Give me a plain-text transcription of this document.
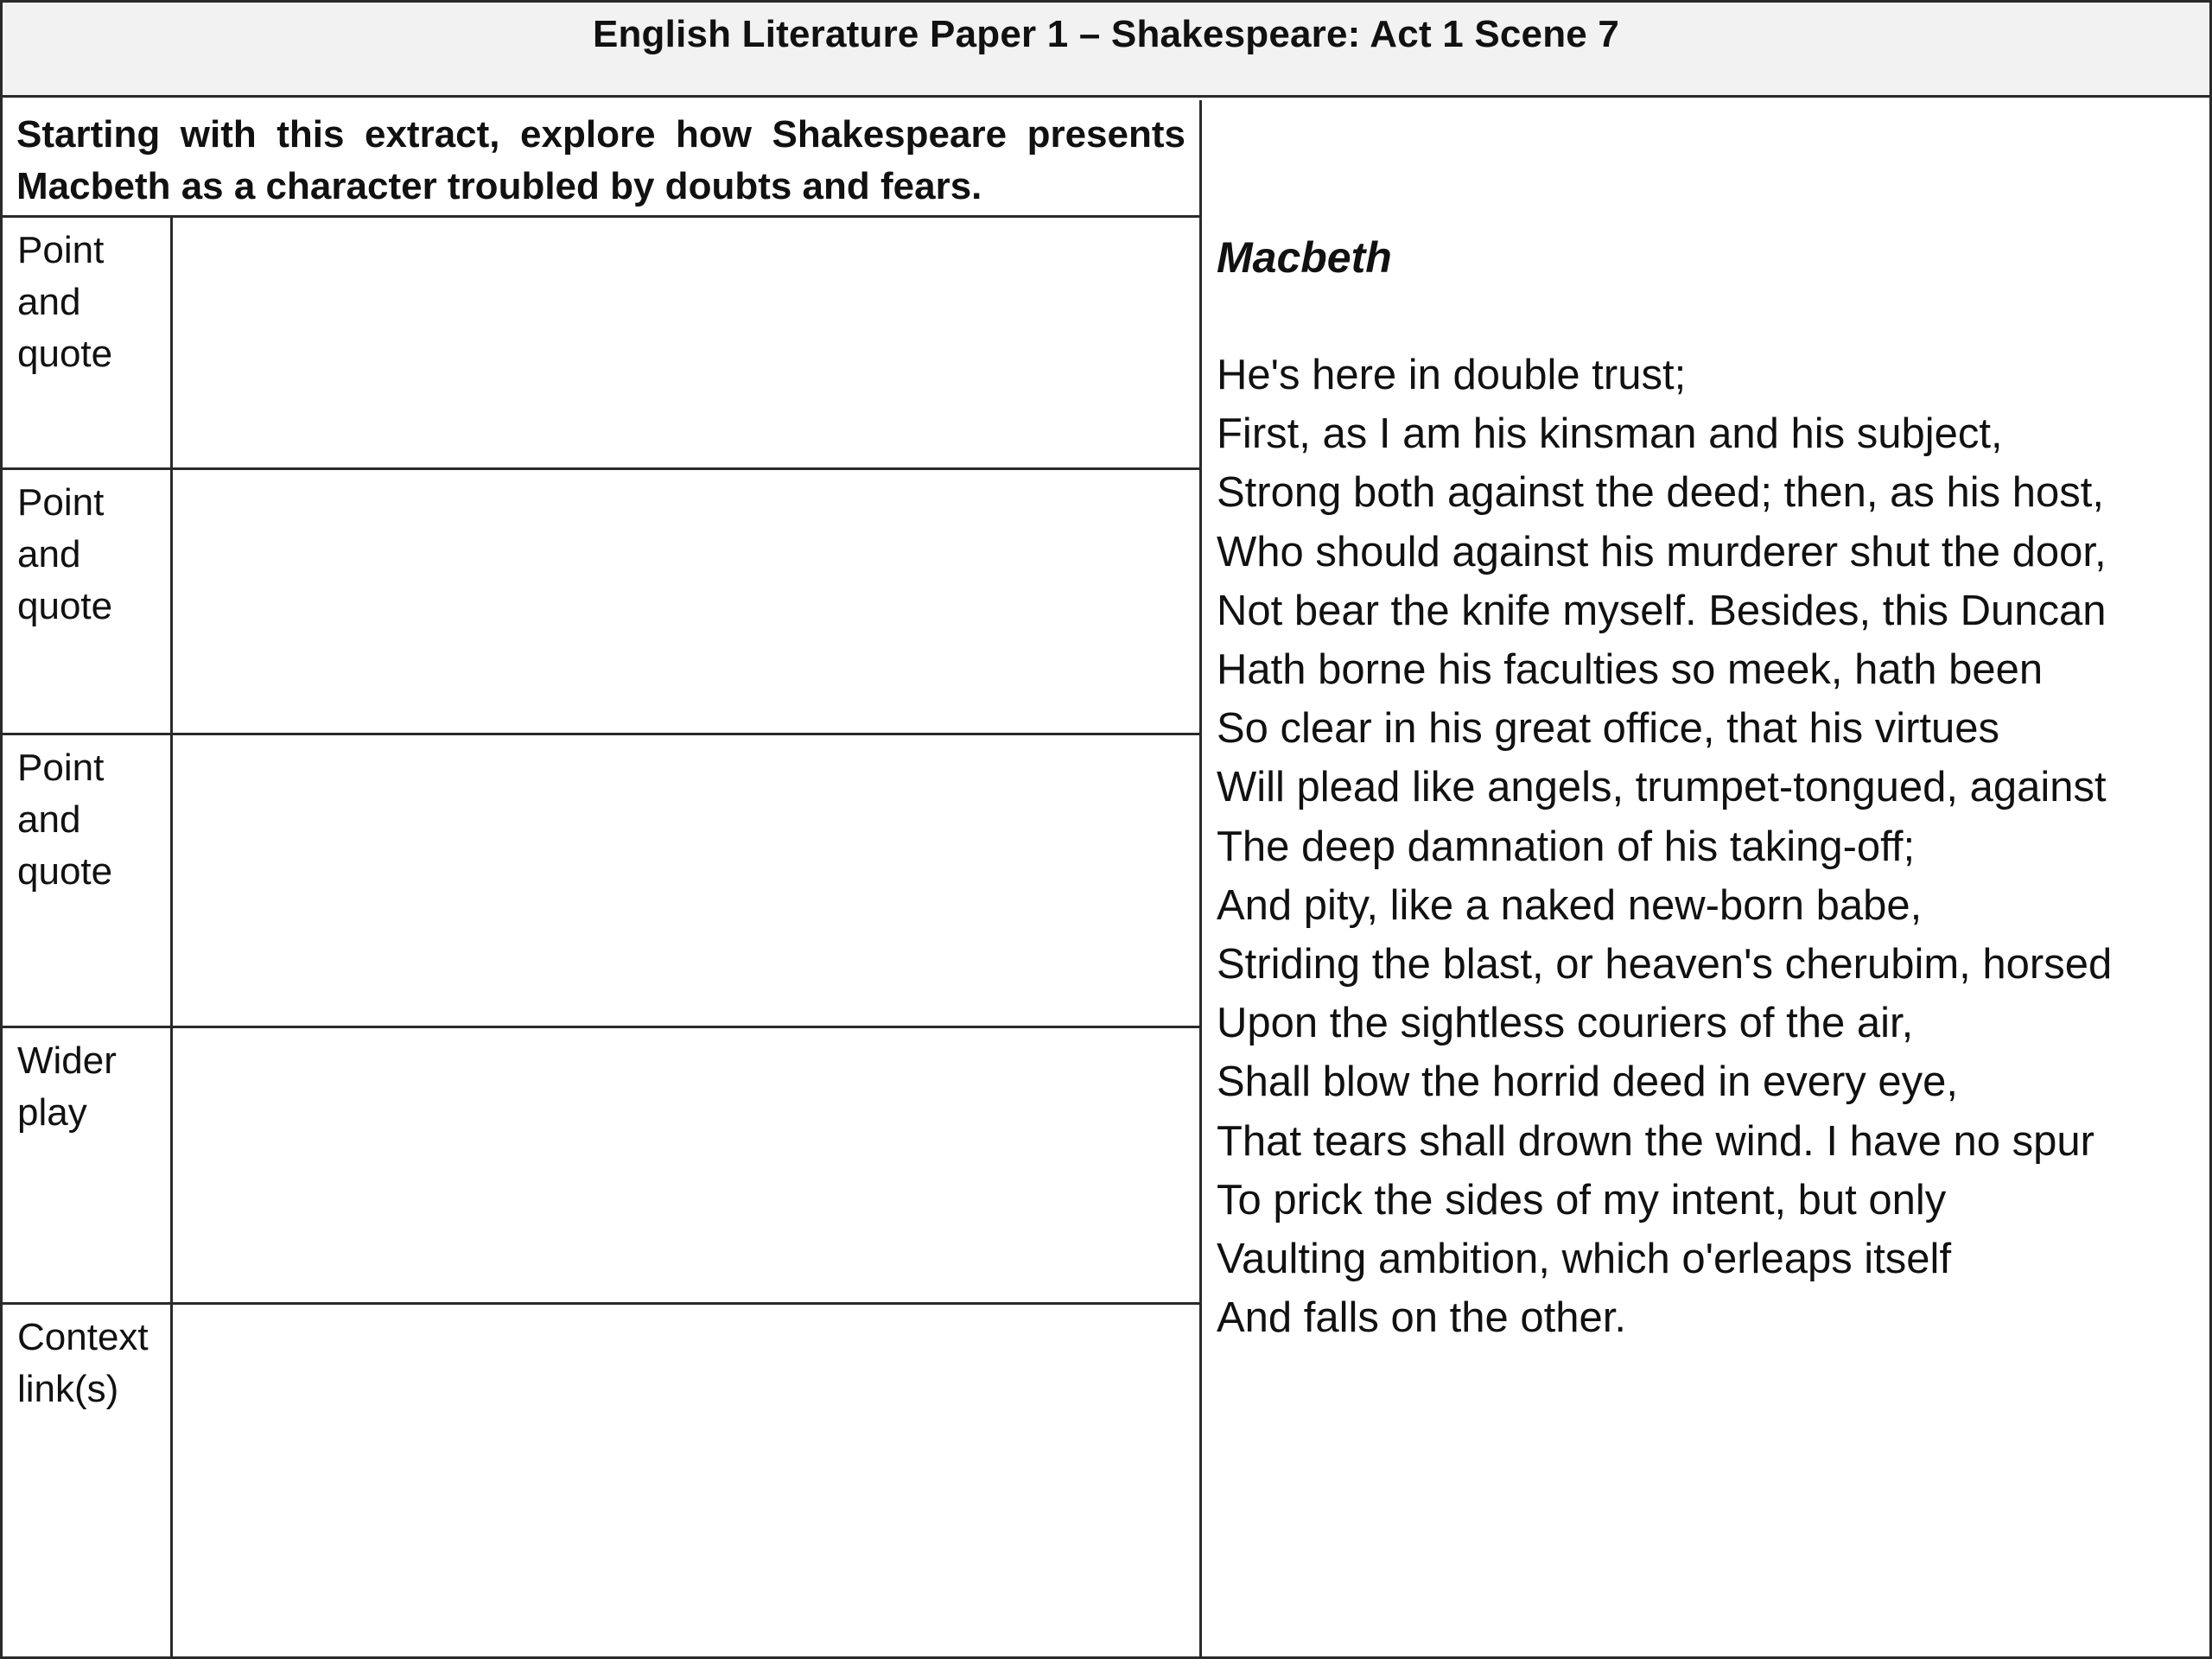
English Literature Paper 1 – Shakespeare: Act 1 Scene 7
Starting with this extract, explore how Shakespeare presents Macbeth as a character troubled by doubts and fears.
Point and quote
Point and quote
Point and quote
Wider play
Context link(s)
Macbeth
He's here in double trust;
First, as I am his kinsman and his subject,
Strong both against the deed; then, as his host,
Who should against his murderer shut the door,
Not bear the knife myself. Besides, this Duncan
Hath borne his faculties so meek, hath been
So clear in his great office, that his virtues
Will plead like angels, trumpet-tongued, against
The deep damnation of his taking-off;
And pity, like a naked new-born babe,
Striding the blast, or heaven's cherubim, horsed
Upon the sightless couriers of the air,
Shall blow the horrid deed in every eye,
That tears shall drown the wind. I have no spur
To prick the sides of my intent, but only
Vaulting ambition, which o'erleaps itself
And falls on the other.
